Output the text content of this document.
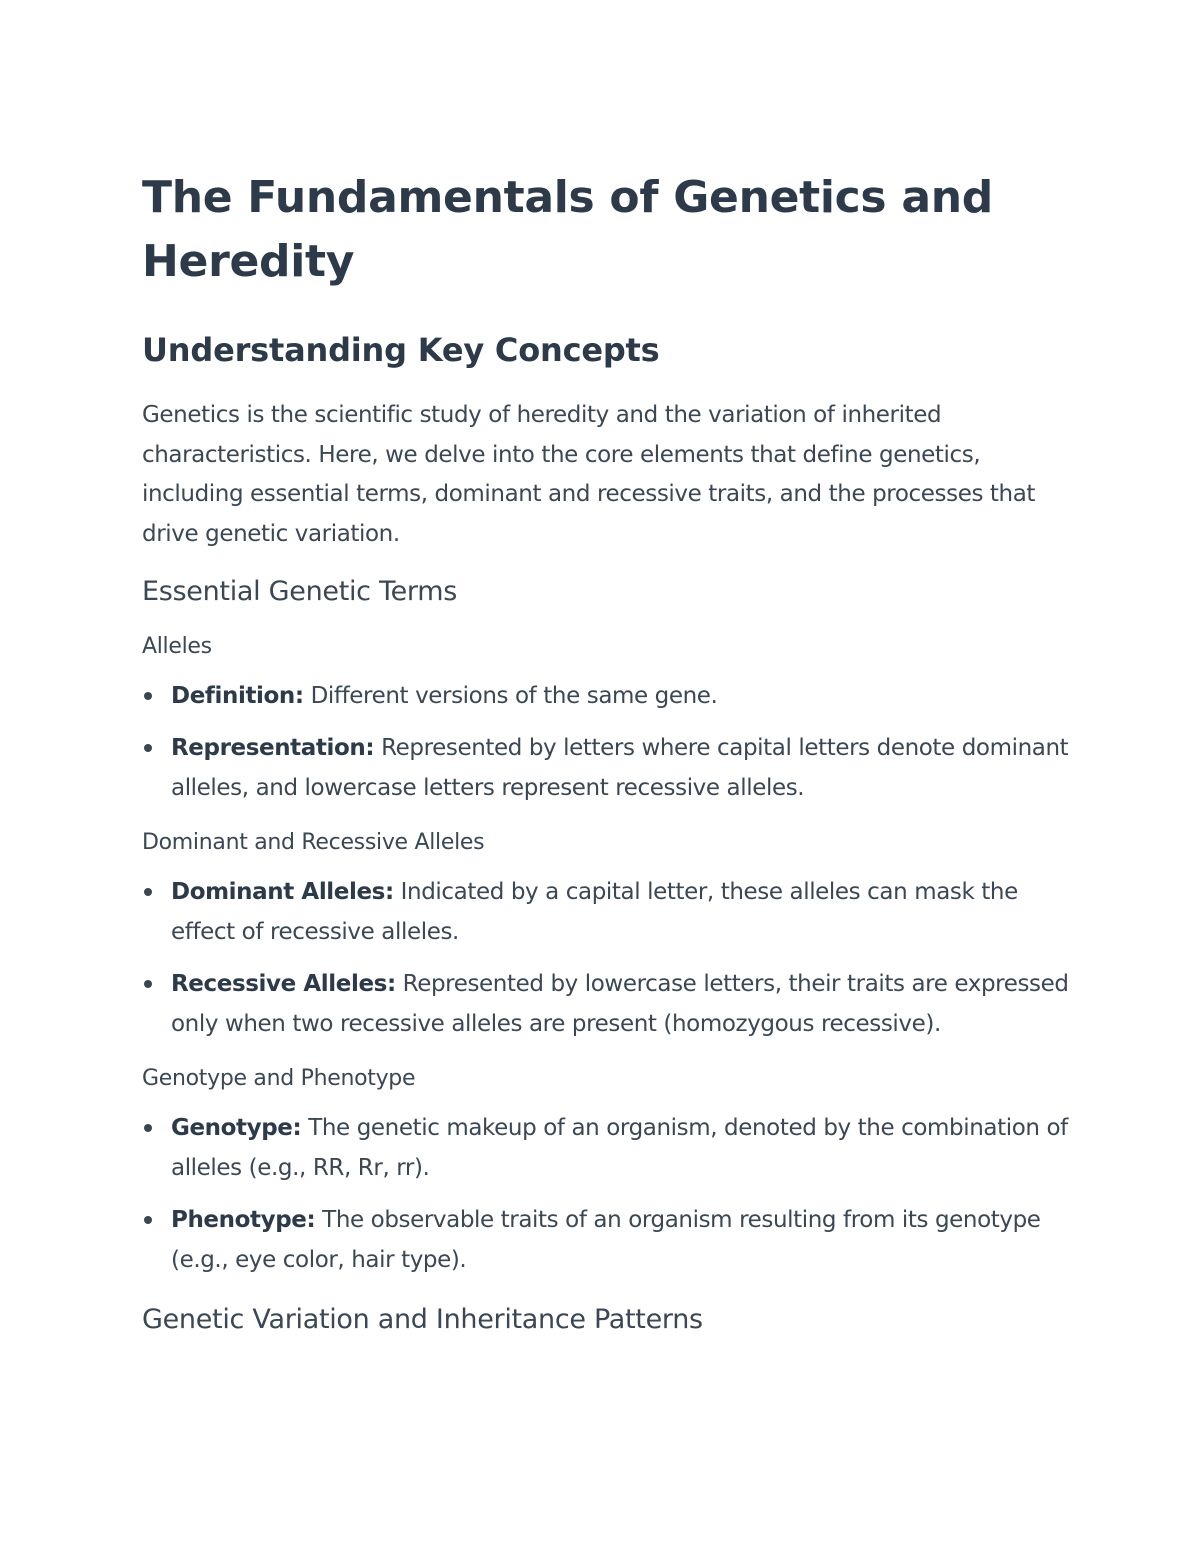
The Fundamentals of Genetics and Heredity
Understanding Key Concepts

Genetics is the scientific study of heredity and the variation of inherited characteristics. Here, we delve into the core elements that define genetics, including essential terms, dominant and recessive traits, and the processes that drive genetic variation.

Essential Genetic Terms
Alleles
Definition: Different versions of the same gene.
Representation: Represented by letters where capital letters denote dominant alleles, and lowercase letters represent recessive alleles.
Dominant and Recessive Alleles
Dominant Alleles: Indicated by a capital letter, these alleles can mask the effect of recessive alleles.
Recessive Alleles: Represented by lowercase letters, their traits are expressed only when two recessive alleles are present (homozygous recessive).
Genotype and Phenotype
Genotype: The genetic makeup of an organism, denoted by the combination of alleles (e.g., RR, Rr, rr).
Phenotype: The observable traits of an organism resulting from its genotype (e.g., eye color, hair type).
Genetic Variation and Inheritance Patterns
